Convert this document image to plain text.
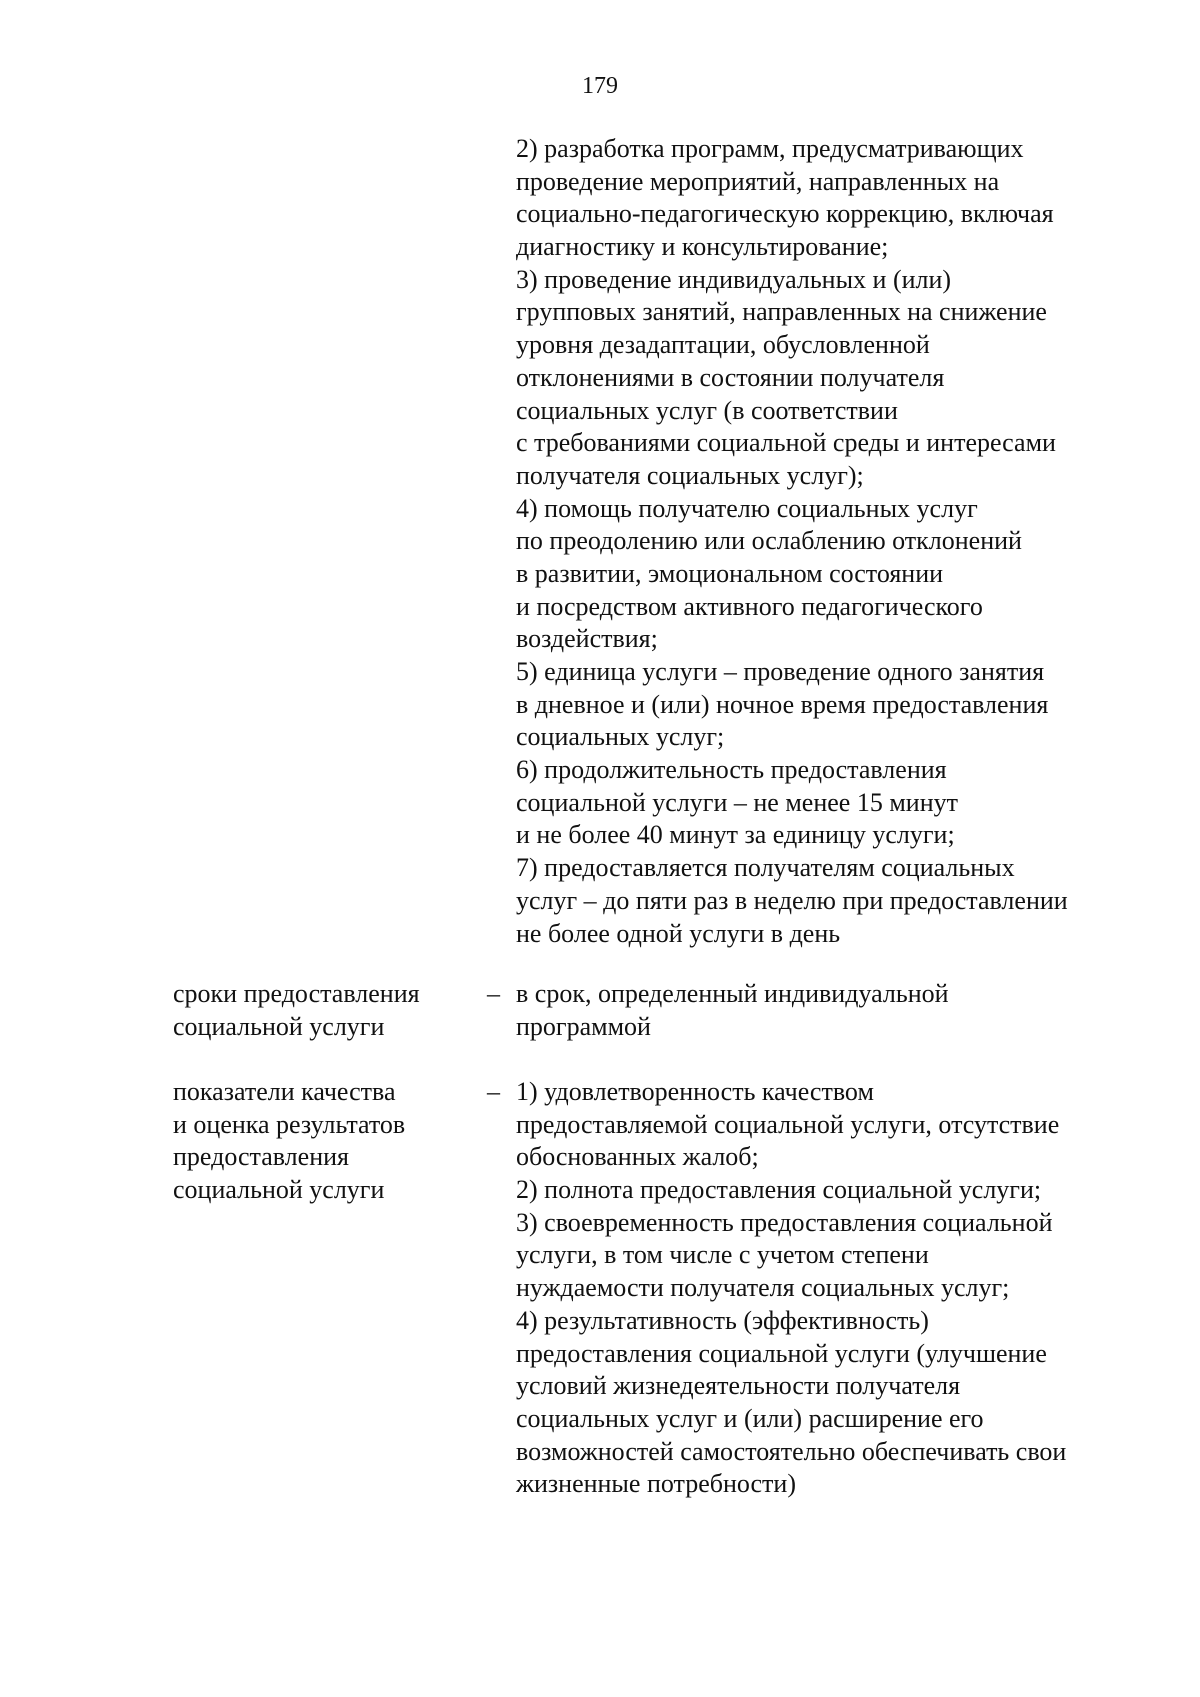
179
2) разработка программ, предусматривающих
проведение мероприятий, направленных на
социально-педагогическую коррекцию, включая
диагностику и консультирование;
3) проведение индивидуальных и (или)
групповых занятий, направленных на снижение
уровня дезадаптации, обусловленной
отклонениями в состоянии получателя
социальных услуг (в соответствии
с требованиями социальной среды и интересами
получателя социальных услуг);
4) помощь получателю социальных услуг
по преодолению или ослаблению отклонений
в развитии, эмоциональном состоянии
и посредством активного педагогического
воздействия;
5) единица услуги – проведение одного занятия
в дневное и (или) ночное время предоставления
социальных услуг;
6) продолжительность предоставления
социальной услуги – не менее 15 минут
и не более 40 минут за единицу услуги;
7) предоставляется получателям социальных
услуг – до пяти раз в неделю при предоставлении
не более одной услуги в день
сроки предоставления
социальной услуги
– в срок, определенный индивидуальной
программой
показатели качества
и оценка результатов
предоставления
социальной услуги
– 1) удовлетворенность качеством
предоставляемой социальной услуги, отсутствие
обоснованных жалоб;
2) полнота предоставления социальной услуги;
3) своевременность предоставления социальной
услуги, в том числе с учетом степени
нуждаемости получателя социальных услуг;
4) результативность (эффективность)
предоставления социальной услуги (улучшение
условий жизнедеятельности получателя
социальных услуг и (или) расширение его
возможностей самостоятельно обеспечивать свои
жизненные потребности)
